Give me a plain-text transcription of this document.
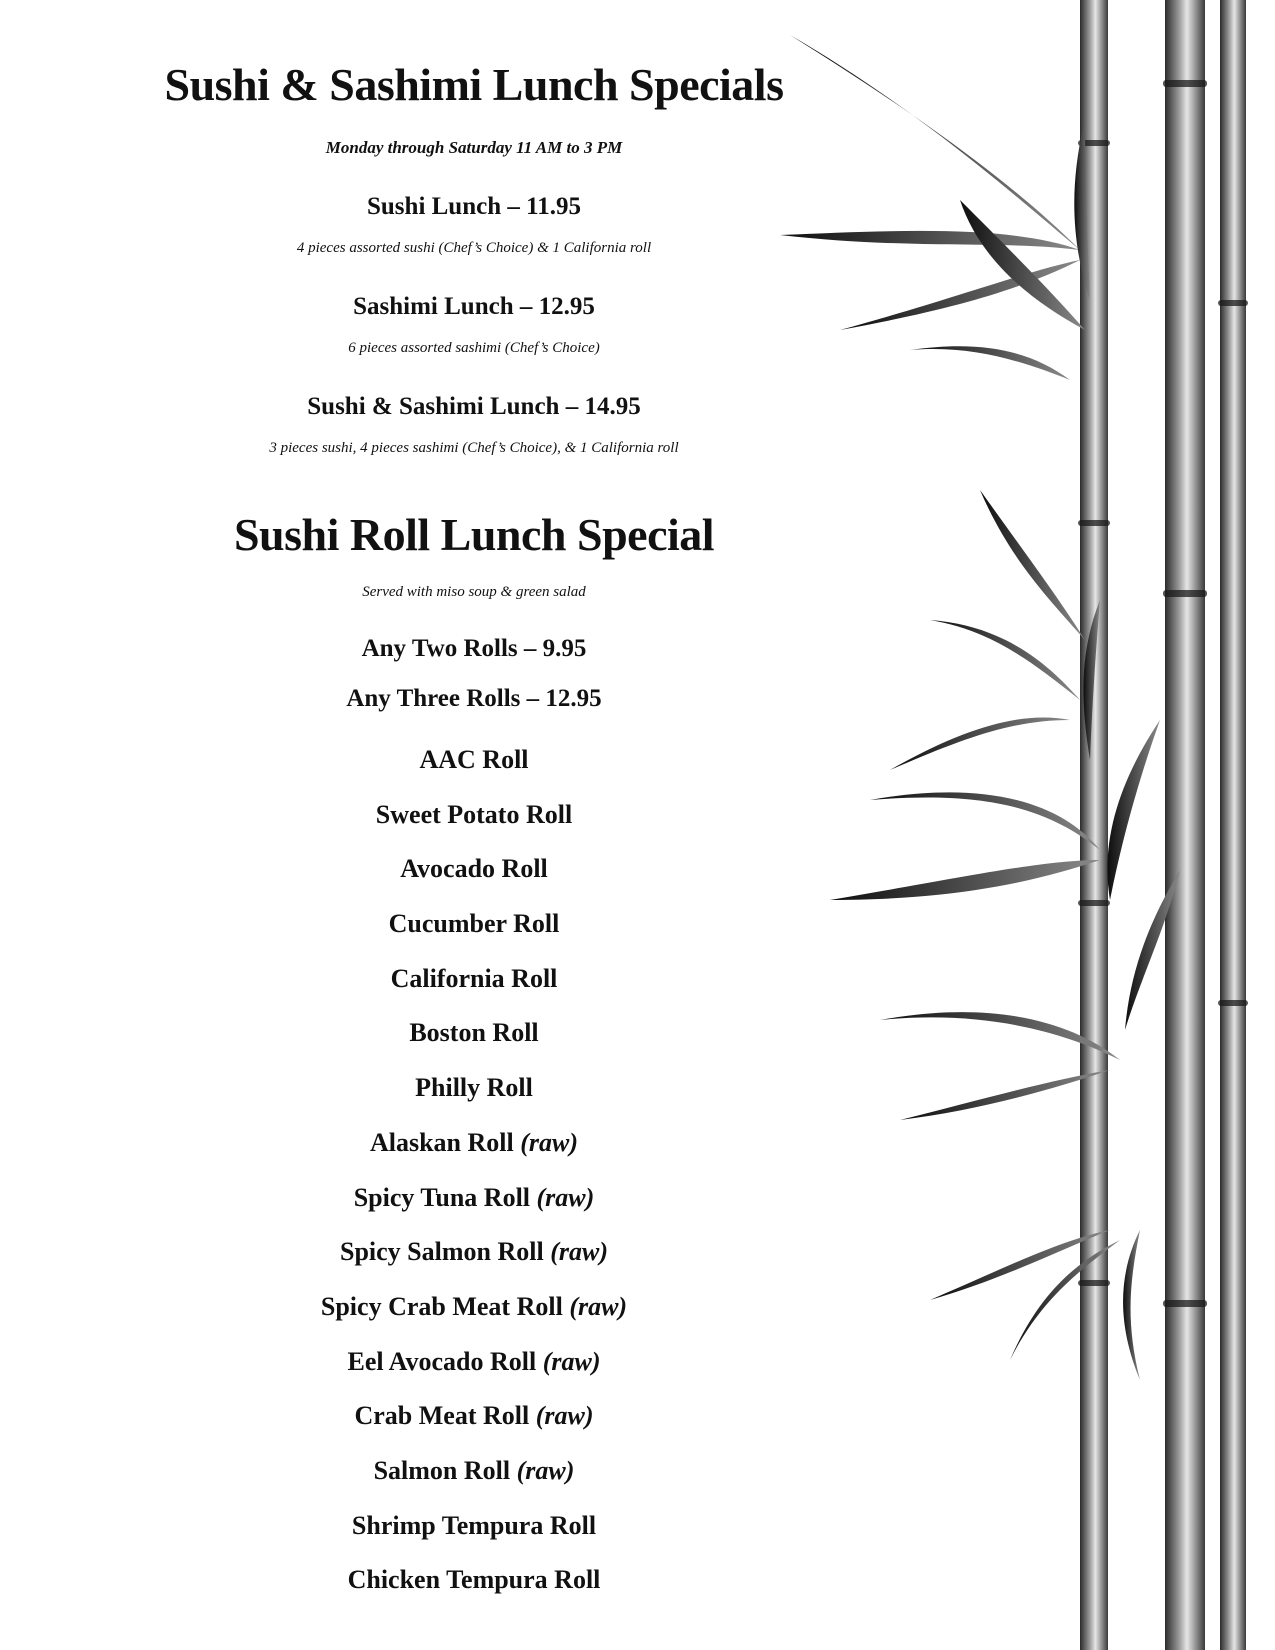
Sushi & Sashimi Lunch Specials
Monday through Saturday 11 AM to 3 PM
Sushi Lunch – 11.95
4 pieces assorted sushi (Chef’s Choice) & 1 California roll
Sashimi Lunch – 12.95
6 pieces assorted sashimi (Chef’s Choice)
Sushi & Sashimi Lunch – 14.95
3 pieces sushi, 4 pieces sashimi (Chef’s Choice), & 1 California roll
Sushi Roll Lunch Special
Served with miso soup & green salad
Any Two Rolls – 9.95
Any Three Rolls – 12.95
AAC Roll
Sweet Potato Roll
Avocado Roll
Cucumber Roll
California Roll
Boston Roll
Philly Roll
Alaskan Roll (raw)
Spicy Tuna Roll (raw)
Spicy Salmon Roll (raw)
Spicy Crab Meat Roll (raw)
Eel Avocado Roll (raw)
Crab Meat Roll (raw)
Salmon Roll (raw)
Shrimp Tempura Roll
Chicken Tempura Roll
